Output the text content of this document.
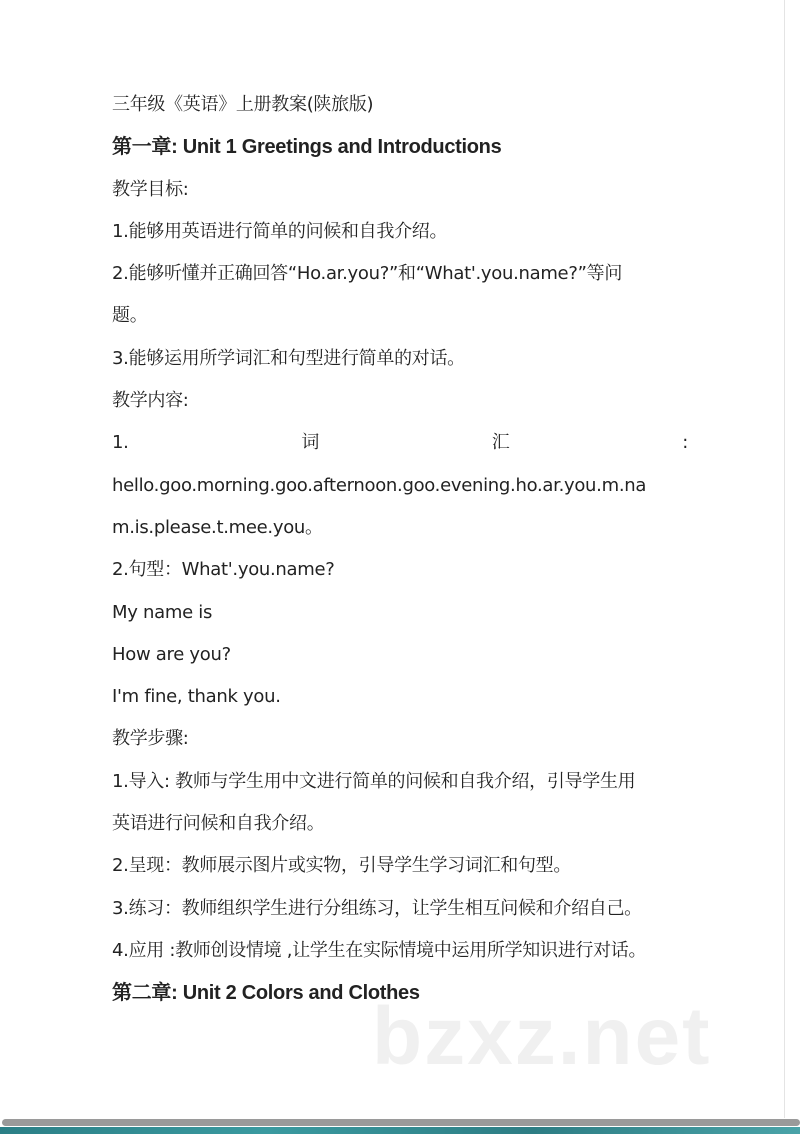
bzxz.net
三年级《英语》上册教案(陕旅版)
第一章: Unit 1 Greetings and Introductions
教学目标:
1.能够用英语进行简单的问候和自我介绍。
2.能够听懂并正确回答“Ho.ar.you?”和“What'.you.name?”等问
题。
3.能够运用所学词汇和句型进行简单的对话。
教学内容:
1.	词	汇	:
hello.goo.morning.goo.afternoon.goo.evening.ho.ar.you.m.na
m.is.please.t.mee.you。
2.句型：What'.you.name?
My name is
How are you?
I'm fine, thank you.
教学步骤:
1.导入: 教师与学生用中文进行简单的问候和自我介绍，引导学生用
英语进行问候和自我介绍。
2.呈现：教师展示图片或实物，引导学生学习词汇和句型。
3.练习：教师组织学生进行分组练习，让学生相互问候和介绍自己。
4.应用 :教师创设情境 ,让学生在实际情境中运用所学知识进行对话。
第二章: Unit 2 Colors and Clothes
